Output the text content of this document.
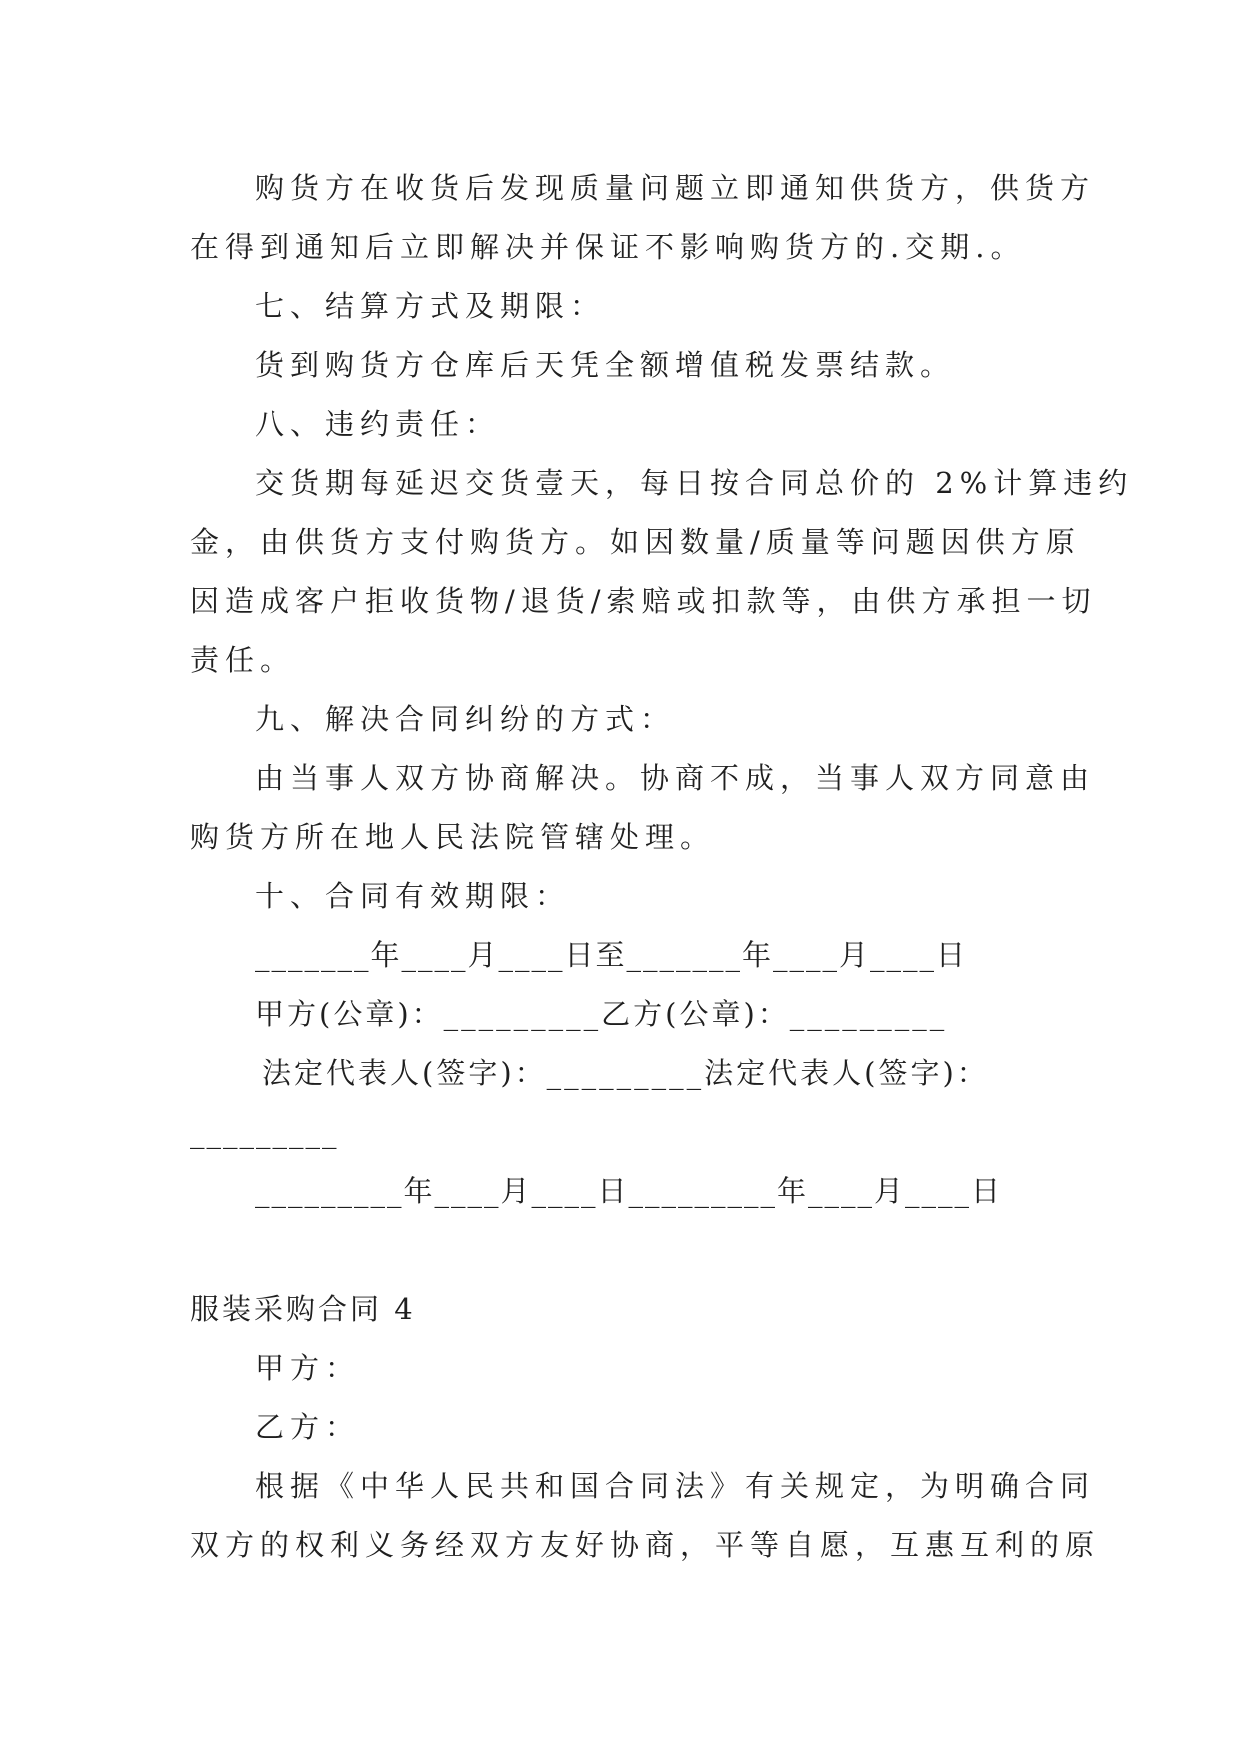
购货方在收货后发现质量问题立即通知供货方，供货方
在得到通知后立即解决并保证不影响购货方的.交期.。
七、结算方式及期限：
货到购货方仓库后天凭全额增值税发票结款。
八、违约责任：
交货期每延迟交货壹天，每日按合同总价的 2%计算违约
金，由供货方支付购货方。如因数量/质量等问题因供方原
因造成客户拒收货物/退货/索赔或扣款等，由供方承担一切
责任。
九、解决合同纠纷的方式：
由当事人双方协商解决。协商不成，当事人双方同意由
购货方所在地人民法院管辖处理。
十、合同有效期限：
_______年____月____日至_______年____月____日
甲方(公章)：_________乙方(公章)：_________
法定代表人(签字)：_________法定代表人(签字)：
_________
_________年____月____日_________年____月____日
服装采购合同 4
甲方：
乙方：
根据《中华人民共和国合同法》有关规定，为明确合同
双方的权利义务经双方友好协商，平等自愿，互惠互利的原
